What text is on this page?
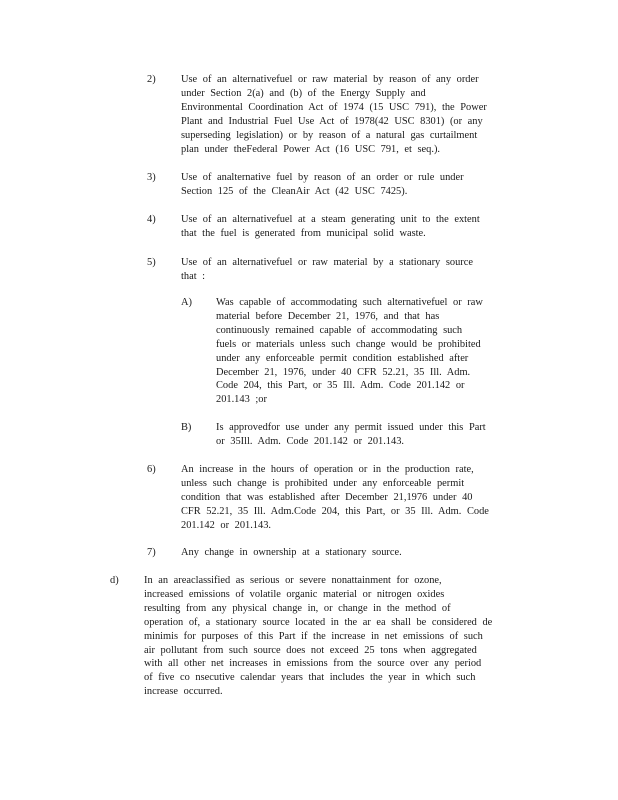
2) Use of an alternativefuel or raw material by reason of any order

under Section 2(a) and (b) of the Energy Supply and

Environmental Coordination Act of 1974 (15 USC 791), the Power

Plant and Industrial Fuel Use Act of 1978(42 USC 8301) (or any

superseding legislation) or by reason of a natural gas curtailment

plan under theFederal Power Act (16 USC 791, et seq.).

3) Use of analternative fuel by reason of an order or rule under

Section 125 of the CleanAir Act (42 USC 7425).

4) Use of an alternativefuel at a steam generating unit to the extent

that the fuel is generated from municipal solid waste.

5) Use of an alternativefuel or raw material by a stationary source

that :

A) Was capable of accommodating such alternativefuel or raw

material before December 21, 1976, and that has

continuously remained capable of accommodating such

fuels or materials unless such change would be prohibited

under any enforceable permit condition established after

December 21, 1976, under 40 CFR 52.21, 35 Ill. Adm.

Code 204, this Part, or 35 Ill. Adm. Code 201.142 or

201.143 ;or

B) Is approvedfor use under any permit issued under this Part

or 35Ill. Adm. Code 201.142 or 201.143.

6) An increase in the hours of operation or in the production rate,

unless such change is prohibited under any enforceable permit

condition that was established after December 21,1976 under 40

CFR 52.21, 35 Ill. Adm.Code 204, this Part, or 35 Ill. Adm. Code

201.142 or 201.143.

7) Any change in ownership at a stationary source.

d) In an areaclassified as serious or severe nonattainment for ozone,

increased emissions of volatile organic material or nitrogen oxides

resulting from any physical change in, or change in the method of

operation of, a stationary source located in the ar ea shall be considered de

minimis for purposes of this Part if the increase in net emissions of such

air pollutant from such source does not exceed 25 tons when aggregated

with all other net increases in emissions from the source over any period

of five co nsecutive calendar years that includes the year in which such

increase occurred.
